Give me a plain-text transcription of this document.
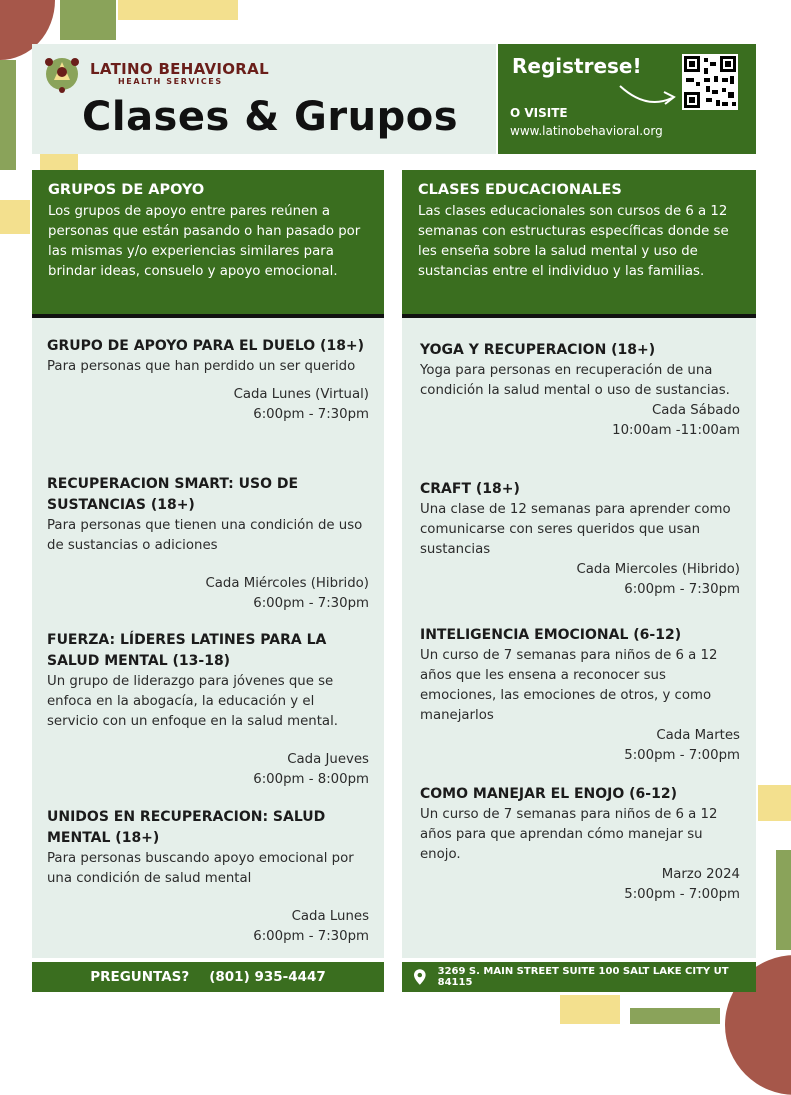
LATINO BEHAVIORAL
HEALTH SERVICES
Clases & Grupos
Registrese!
O VISITE
www.latinobehavioral.org
GRUPOS DE APOYO

Los grupos de apoyo entre pares reúnen a personas que están pasando o han pasado por las mismas y/o experiencias similares para brindar ideas, consuelo y apoyo emocional.

GRUPO DE APOYO PARA EL DUELO (18+)

Para personas que han perdido un ser querido

Cada Lunes (Virtual)

6:00pm - 7:30pm

RECUPERACION SMART: USO DE SUSTANCIAS (18+)

Para personas que tienen una condición de uso de sustancias o adiciones

Cada Miércoles (Hibrido)

6:00pm - 7:30pm

FUERZA: LÍDERES LATINES PARA LA SALUD MENTAL (13-18)

Un grupo de liderazgo para jóvenes que se enfoca en la abogacía, la educación y el servicio con un enfoque en la salud mental.

Cada Jueves

6:00pm - 8:00pm

UNIDOS EN RECUPERACION: SALUD MENTAL (18+)

Para personas buscando apoyo emocional por una condición de salud mental

Cada Lunes

6:00pm - 7:30pm

CLASES EDUCACIONALES

Las clases educacionales son cursos de 6 a 12 semanas con estructuras específicas donde se les enseña sobre la salud mental y uso de sustancias entre el individuo y las familias.

YOGA Y RECUPERACION (18+)

Yoga para personas en recuperación de una condición la salud mental o uso de sustancias.

Cada Sábado

10:00am -11:00am

CRAFT (18+)

Una clase de 12 semanas para aprender como comunicarse con seres queridos que usan sustancias

Cada Miercoles (Hibrido)

6:00pm - 7:30pm

INTELIGENCIA EMOCIONAL (6-12)

Un curso de 7 semanas para niños de 6 a 12 años que les ensena a reconocer sus emociones, las emociones de otros, y como manejarlos

Cada Martes

5:00pm - 7:00pm

COMO MANEJAR EL ENOJO (6-12)

Un curso de 7 semanas para niños de 6 a 12 años para que aprendan cómo manejar su enojo.

Marzo 2024

5:00pm - 7:00pm

PREGUNTAS? (801) 935-4447	3269 S. MAIN STREET SUITE 100 SALT LAKE CITY UT 84115
